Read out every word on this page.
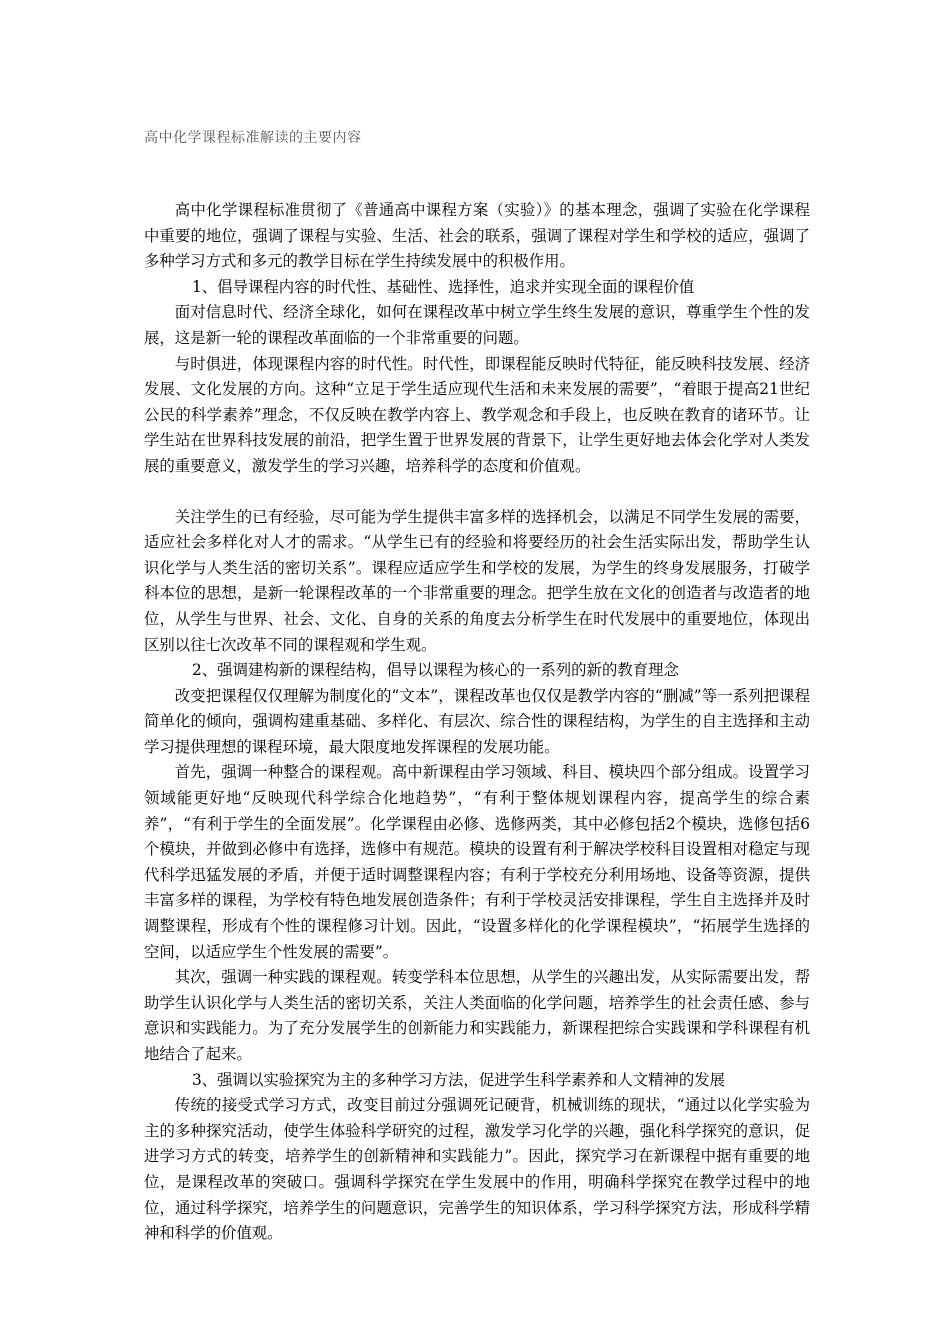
高中化学课程标准解读的主要内容

高中化学课程标准贯彻了《普通高中课程方案（实验）》的基本理念，强调了实验在化学课程中重要的地位，强调了课程与实验、生活、社会的联系，强调了课程对学生和学校的适应，强调了多种学习方式和多元的教学目标在学生持续发展中的积极作用。

1、倡导课程内容的时代性、基础性、选择性，追求并实现全面的课程价值

面对信息时代、经济全球化，如何在课程改革中树立学生终生发展的意识，尊重学生个性的发展，这是新一轮的课程改革面临的一个非常重要的问题。

与时俱进，体现课程内容的时代性。时代性，即课程能反映时代特征，能反映科技发展、经济发展、文化发展的方向。这种“立足于学生适应现代生活和未来发展的需要”，“着眼于提高21世纪公民的科学素养”理念，不仅反映在教学内容上、教学观念和手段上，也反映在教育的诸环节。让学生站在世界科技发展的前沿，把学生置于世界发展的背景下，让学生更好地去体会化学对人类发展的重要意义，激发学生的学习兴趣，培养科学的态度和价值观。

关注学生的已有经验，尽可能为学生提供丰富多样的选择机会，以满足不同学生发展的需要，适应社会多样化对人才的需求。“从学生已有的经验和将要经历的社会生活实际出发，帮助学生认识化学与人类生活的密切关系”。课程应适应学生和学校的发展，为学生的终身发展服务，打破学科本位的思想，是新一轮课程改革的一个非常重要的理念。把学生放在文化的创造者与改造者的地位，从学生与世界、社会、文化、自身的关系的角度去分析学生在时代发展中的重要地位，体现出区别以往七次改革不同的课程观和学生观。

2、强调建构新的课程结构，倡导以课程为核心的一系列的新的教育理念

改变把课程仅仅理解为制度化的“文本”，课程改革也仅仅是教学内容的“删减”等一系列把课程简单化的倾向，强调构建重基础、多样化、有层次、综合性的课程结构，为学生的自主选择和主动学习提供理想的课程环境，最大限度地发挥课程的发展功能。

首先，强调一种整合的课程观。高中新课程由学习领域、科目、模块四个部分组成。设置学习领域能更好地“反映现代科学综合化地趋势”，“有利于整体规划课程内容，提高学生的综合素养”，“有利于学生的全面发展”。化学课程由必修、选修两类，其中必修包括2个模块，选修包括6个模块，并做到必修中有选择，选修中有规范。模块的设置有利于解决学校科目设置相对稳定与现代科学迅猛发展的矛盾，并便于适时调整课程内容；有利于学校充分利用场地、设备等资源，提供丰富多样的课程，为学校有特色地发展创造条件；有利于学校灵活安排课程，学生自主选择并及时调整课程，形成有个性的课程修习计划。因此，“设置多样化的化学课程模块”，“拓展学生选择的空间，以适应学生个性发展的需要”。

其次，强调一种实践的课程观。转变学科本位思想，从学生的兴趣出发，从实际需要出发，帮助学生认识化学与人类生活的密切关系，关注人类面临的化学问题，培养学生的社会责任感、参与意识和实践能力。为了充分发展学生的创新能力和实践能力，新课程把综合实践课和学科课程有机地结合了起来。

3、强调以实验探究为主的多种学习方法，促进学生科学素养和人文精神的发展

传统的接受式学习方式，改变目前过分强调死记硬背，机械训练的现状，“通过以化学实验为主的多种探究活动，使学生体验科学研究的过程，激发学习化学的兴趣，强化科学探究的意识，促进学习方式的转变，培养学生的创新精神和实践能力”。因此，探究学习在新课程中据有重要的地位，是课程改革的突破口。强调科学探究在学生发展中的作用，明确科学探究在教学过程中的地位，通过科学探究，培养学生的问题意识，完善学生的知识体系，学习科学探究方法，形成科学精神和科学的价值观。
